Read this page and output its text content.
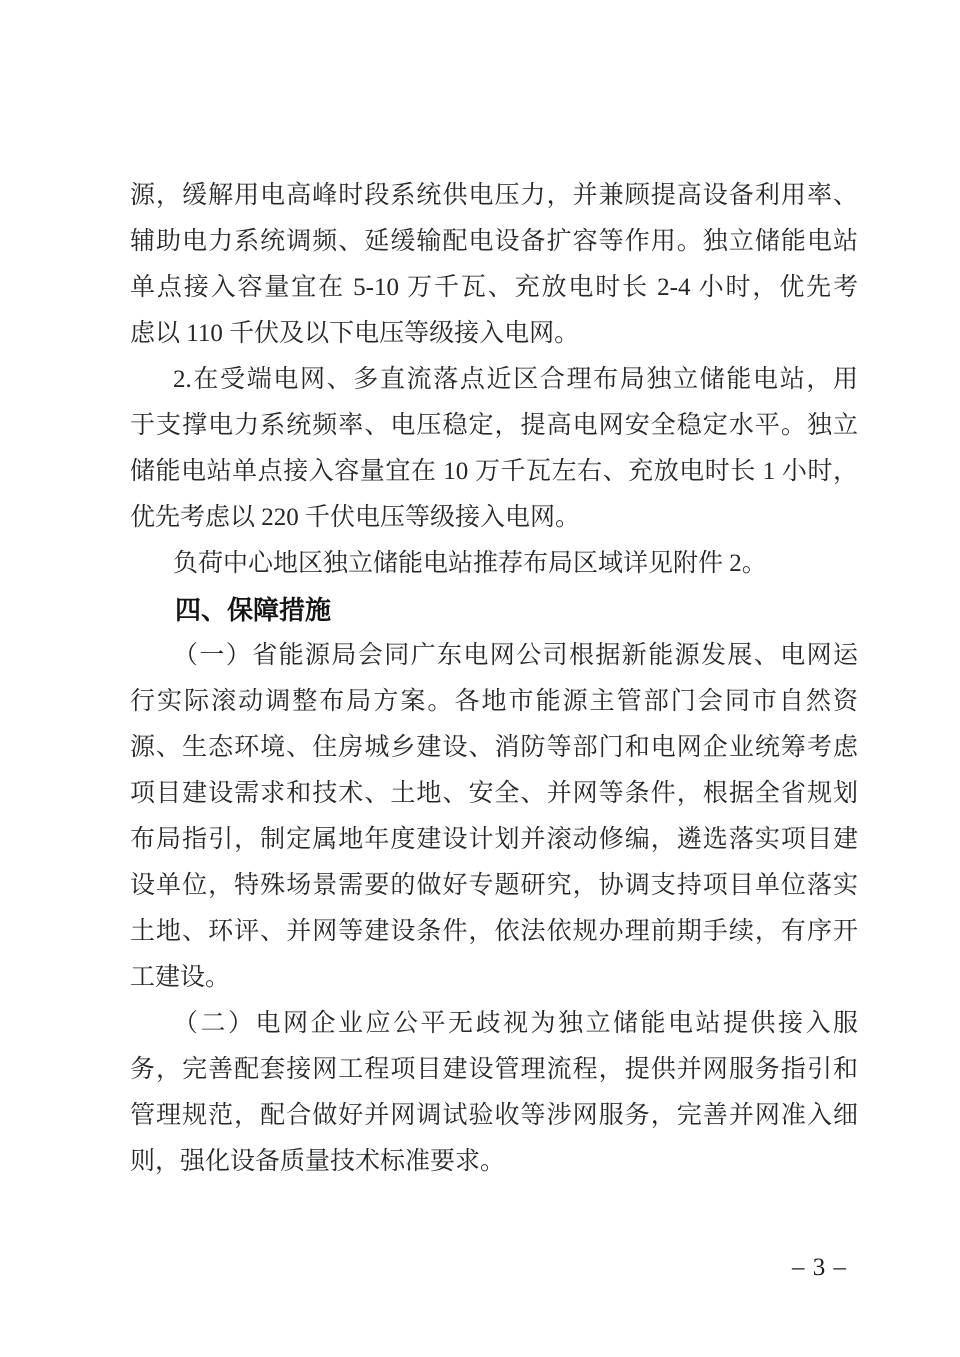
源，缓解用电高峰时段系统供电压力，并兼顾提高设备利用率、
辅助电力系统调频、延缓输配电设备扩容等作用。独立储能电站
单点接入容量宜在 5-10 万千瓦、充放电时长 2-4 小时，优先考
虑以 110 千伏及以下电压等级接入电网。
2.在受端电网、多直流落点近区合理布局独立储能电站，用
于支撑电力系统频率、电压稳定，提高电网安全稳定水平。独立
储能电站单点接入容量宜在 10 万千瓦左右、充放电时长 1 小时，
优先考虑以 220 千伏电压等级接入电网。
负荷中心地区独立储能电站推荐布局区域详见附件 2。
四、保障措施
（一）省能源局会同广东电网公司根据新能源发展、电网运
行实际滚动调整布局方案。各地市能源主管部门会同市自然资
源、生态环境、住房城乡建设、消防等部门和电网企业统筹考虑
项目建设需求和技术、土地、安全、并网等条件，根据全省规划
布局指引，制定属地年度建设计划并滚动修编，遴选落实项目建
设单位，特殊场景需要的做好专题研究，协调支持项目单位落实
土地、环评、并网等建设条件，依法依规办理前期手续，有序开
工建设。
（二）电网企业应公平无歧视为独立储能电站提供接入服
务，完善配套接网工程项目建设管理流程，提供并网服务指引和
管理规范，配合做好并网调试验收等涉网服务，完善并网准入细
则，强化设备质量技术标准要求。
– 3 –
